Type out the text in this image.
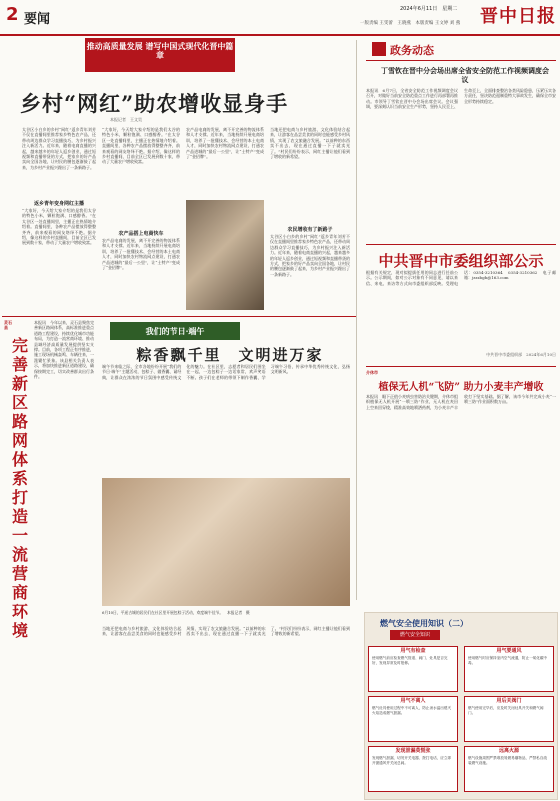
2 要闻
2024年6月11日　星期二
一版责编 王雯蕾　王晓燕　本版责编 王文婷 刘 燕 晋中日报
推动高质量发展 谱写中国式现代化晋中篇章
乡村“网红”助农增收显身手
本报记者　王文昊
太谷区小白乡的乡村“网红”返乡青年刘芳不仅在直播间里推荐家乡特色农产品，还带动周边群众学习直播技巧，为乡村振兴注入新活力。近年来，随着电商直播的兴起，越来越多的年轻人返乡创业，通过短视频和直播带货的方式，把家乡的好产品卖向全国各地，让村民的腰包逐渐鼓了起来，为乡村产业振兴蹚出了一条新路子。
返乡青年变身网红主播
“大家好，今天给大家介绍的是我们太谷的特色小米，颗粒饱满、口感醇香。”在太谷区一处直播间里，主播正在热情地介绍着。直播间里，各种农产品摆放得整整齐齐，前来观看的网友络绎不绝。据介绍，像这样的乡村直播间，目前全区已发展到数十家，带动了大量农户增收致富。
“大家好，今天给大家介绍的是我们太谷的特色小米，颗粒饱满、口感醇香。”在太谷区一处直播间里，主播正在热情地介绍着。直播间里，各种农产品摆放得整整齐齐，前来观看的网友络绎不绝。据介绍，像这样的乡村直播间，目前全区已发展到数十家，带动了大量农户增收致富。
农产品搭上电商快车
农产品电商的发展，离不开完善的物流体系和人才支撑。近年来，当地持续开展电商培训，培养了一批懂技术、会经营的本土电商人才，同时加快农村物流网点建设，打通农产品进城的“最后一公里”，让“土特产”变成了“金招牌”。
农产品电商的发展，离不开完善的物流体系和人才支撑。近年来，当地持续开展电商培训，培养了一批懂技术、会经营的本土电商人才，同时加快农村物流网点建设，打通农产品进城的“最后一公里”，让“土特产”变成了“金招牌”。
当地还把电商与乡村旅游、文化体验结合起来，让游客在品尝美食的同时也能感受乡村风情，实现了农文旅融合发展。“以前种的东西卖不出去，现在通过直播一下子就卖光了。”村民们纷纷表示，网红主播让他们看到了增收的新希望。
农民增收有了新路子
太谷区小白乡的乡村“网红”返乡青年刘芳不仅在直播间里推荐家乡特色农产品，还带动周边群众学习直播技巧，为乡村振兴注入新活力。近年来，随着电商直播的兴起，越来越多的年轻人返乡创业，通过短视频和直播带货的方式，把家乡的好产品卖向全国各地，让村民的腰包逐渐鼓了起来，为乡村产业振兴蹚出了一条新路子。
政务动态
丁雪钦在晋中分会场出席全省安全防范工作视频调度会议
本报讯　6月7日，全省安全防范工作视频调度会议召开，对做好当前安全防范重点工作进行再部署再推动。市领导丁雪钦在晋中分会场出席会议。会议强调，要深刻认识当前安全生产形势，坚持人民至上、生命至上，全面排查整治各类风险隐患，压紧压实各方责任，坚决防范遏制重特大事故发生，确保全市安全形势持续稳定。
中共晋中市委组织部公示
根据有关规定，现对拟提拔任用的同志进行任前公示。公示期间，如对公示对象有不同意见，请以来信、来电、来访等方式向市委组织部反映。受理电话：0354-3210364　0354-3210362　电子邮箱：jzzzbgb@163.com
中共晋中市委组织部　2024年6月10日
介休市
植保无人机“飞防” 助力小麦丰产增收
本报讯　眼下正值小麦病虫害防治关键期，介休市组织植保无人机开展“一喷三防”作业，无人机在麦田上空来回穿梭，精准高效地喷洒药剂，为小麦丰产丰收打下坚实基础。据了解，该市今年共完成小麦“一喷三防”作业面积数万亩。
灵石县
完善新区路网体系　打造一流营商环境
本报讯　今年以来，灵石县聚焦完善新区路网体系，高标准推进重点道路工程建设，持续优化城市功能布局，为打造一流营商环境、推动县域经济高质量发展提供坚实支撑。目前，各项工程正有序推进，施工现场机械轰鸣、车辆往来，一派繁忙景象。该县相关负责人表示，将加快推进新区道路建设，确保按期完工，切实改善群众出行条件。
我们的节日·端午
粽香飘千里　文明进万家
端午节来临之际，全市各地纷纷开展“我们的节日·端午”主题活动，包粽子、做香囊、诵经典，让群众在浓浓的节日氛围中感受传统文化的魅力。在社区里，志愿者和居民们围坐在一起，一边包粽子一边话家常，欢声笑语不断。孩子们在老师的带领下制作香囊、学习端午习俗，传承中华优秀传统文化，弘扬文明新风。
6月10日，平遥古城的居民们在社区里开展包粽子活动，欢度端午佳节。　本报记者　摄
当地还把电商与乡村旅游、文化体验结合起来，让游客在品尝美食的同时也能感受乡村风情，实现了农文旅融合发展。“以前种的东西卖不出去，现在通过直播一下子就卖光了。”村民们纷纷表示，网红主播让他们看到了增收的新希望。
燃气安全使用知识（二）
燃气安全知识
用气有检查
使用燃气前应检查燃气管道、阀门、灶具是否完好，发现异常及时报修。
用气要通风
使用燃气时应保持室内空气流通，防止一氧化碳中毒。
用气不离人
燃气灶具使用过程中不可离人，防止汤水溢出熄灭火焰造成燃气泄漏。
用后关阀门
燃气使用完毕后，应及时关闭灶具开关和燃气阀门。
发现泄漏莫慌张
发现燃气泄漏，切勿开关电器、拨打电话，应立即开窗通风并关闭总阀。
远离火源
燃气设施周围严禁堆放易燃易爆物品，严禁私自改装燃气设施。
